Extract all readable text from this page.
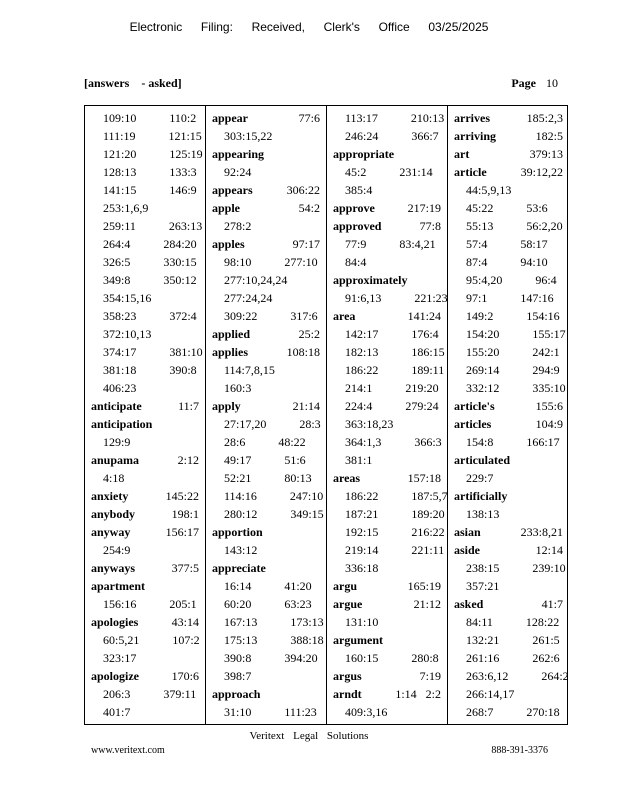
Electronic  Filing:  Received,  Clerk's  Office  03/25/2025
[answers    - asked]	Page 10
109:10   110:2
111:19   121:15
121:20   125:19
128:13   133:3
141:15   146:9
253:1,6,9
259:11   263:13
264:4   284:20
326:5   330:15
349:8   350:12
354:15,16
358:23   372:4
372:10,13
374:17   381:10
381:18   390:8
406:23
anticipate	11:7
anticipation
129:9
anupama	2:12
4:18
anxiety	145:22
anybody	198:1
anyway	156:17
254:9
anyways	377:5
apartment
156:16   205:1
apologies	43:14
60:5,21   107:2
323:17
apologize	170:6
206:3   379:11
401:7
appear	77:6
303:15,22
appearing
92:24
appears	306:22
apple	54:2
278:2
apples	97:17
98:10   277:10
277:10,24,24
277:24,24
309:22   317:6
applied	25:2
applies	108:18
114:7,8,15
160:3
apply	21:14
27:17,20   28:3
28:6   48:22
49:17   51:6
52:21   80:13
114:16   247:10
280:12   349:15
apportion
143:12
appreciate
16:14   41:20
60:20   63:23
167:13   173:13
175:13   388:18
390:8   394:20
398:7
approach
31:10   111:23
113:17   210:13
246:24   366:7
appropriate
45:2   231:14
385:4
approve	217:19
approved	77:8
77:9   83:4,21
84:4
approximately
91:6,13   221:23
area	141:24
142:17   176:4
182:13   186:15
186:22   189:11
214:1   219:20
224:4   279:24
363:18,23
364:1,3   366:3
381:1
areas	157:18
186:22   187:5,7
187:21   189:20
192:15   216:22
219:14   221:11
336:18
argu	165:19
argue	21:12
131:10
argument
160:15   280:8
argus	7:19
arndt	1:14   2:2
409:3,16
arrives	185:2,3
arriving	182:5
art	379:13
article	39:12,22
44:5,9,13
45:22   53:6
55:13   56:2,20
57:4   58:17
87:4   94:10
95:4,20   96:4
97:1   147:16
149:2   154:16
154:20   155:17
155:20   242:1
269:14   294:9
332:12   335:10
article's	155:6
articles	104:9
154:8   166:17
articulated
229:7
artificially
138:13
asian	233:8,21
aside	12:14
238:15   239:10
357:21
asked	41:7
84:11   128:22
132:21   261:5
261:16   262:6
263:6,12   264:2
266:14,17
268:7   270:18
Veritext Legal Solutions
www.veritext.com	888-391-3376
